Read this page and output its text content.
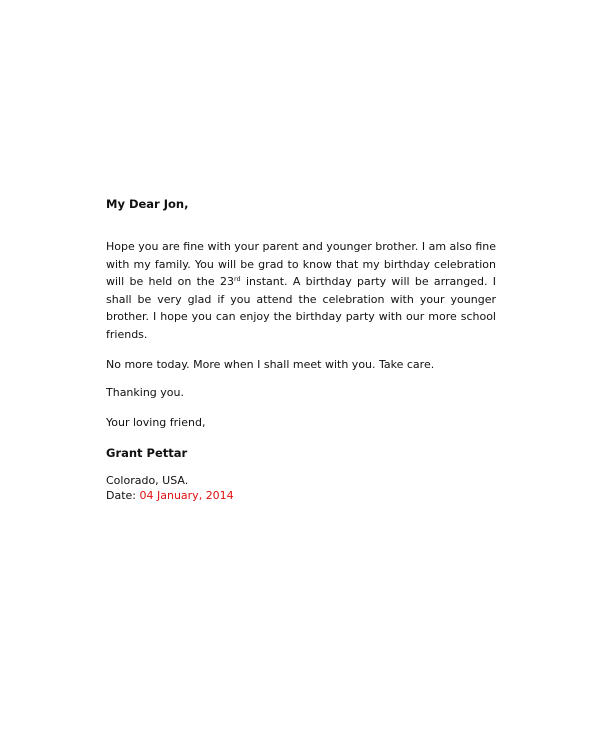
My Dear Jon,

Hope you are fine with your parent and younger brother. I am also fine with my family. You will be grad to know that my birthday celebration will be held on the 23rd instant. A birthday party will be arranged. I shall be very glad if you attend the celebration with your younger brother. I hope you can enjoy the birthday party with our more school friends.

No more today. More when I shall meet with you. Take care.

Thanking you.

Your loving friend,

Grant Pettar

Colorado, USA.

Date: 04 January, 2014
